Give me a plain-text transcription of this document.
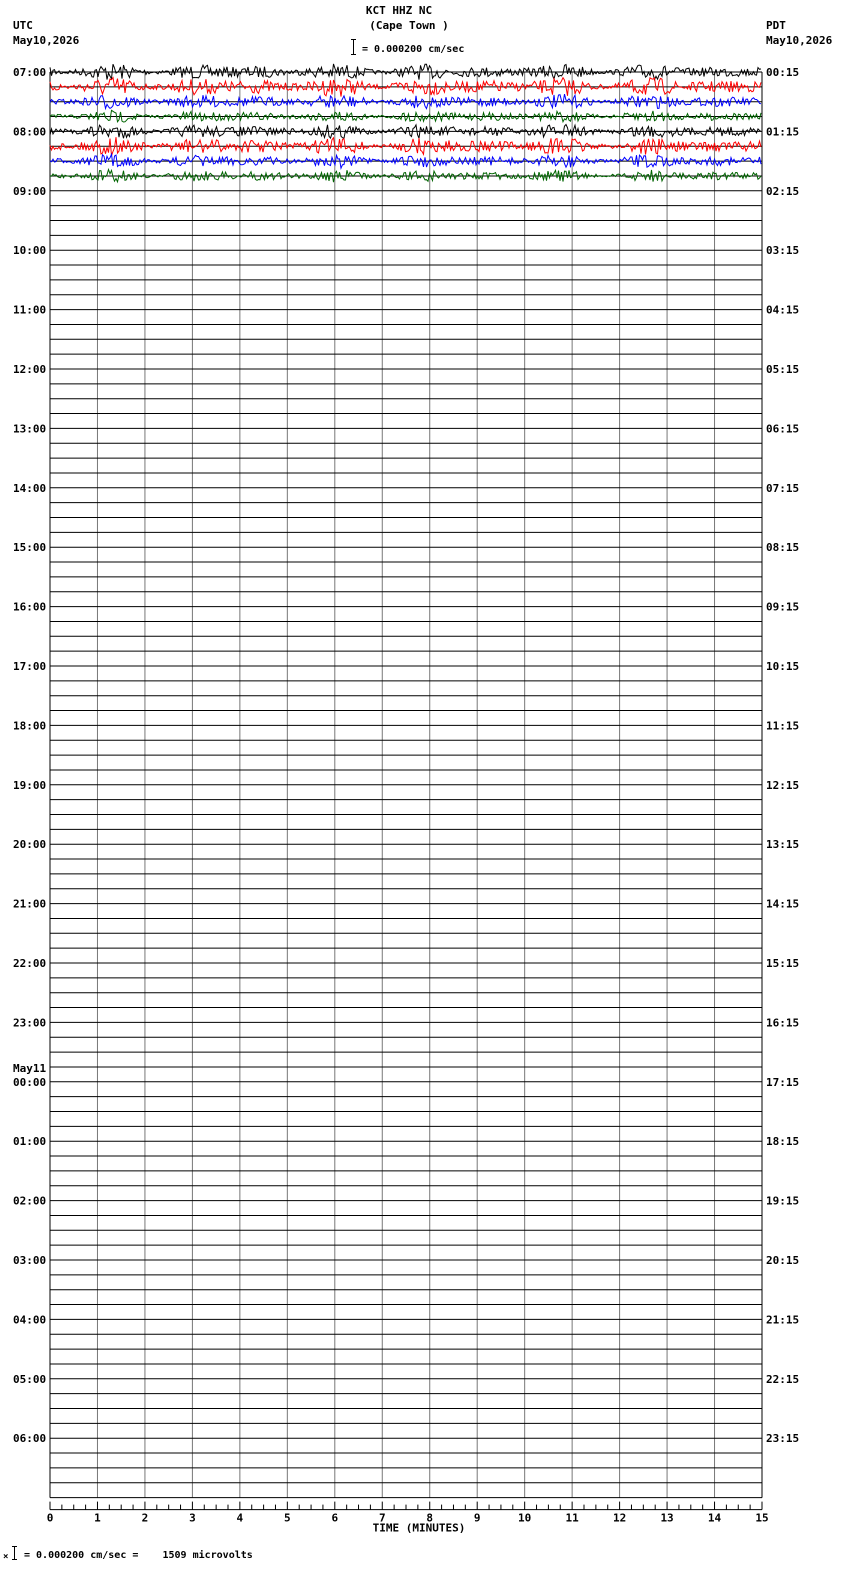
KCT HHZ NC
(Cape Town )
= 0.000200 cm/sec
UTC
May10,2026
PDT
May10,2026
07:00
08:00
09:00
10:00
11:00
12:00
13:00
14:00
15:00
16:00
17:00
18:00
19:00
20:00
21:00
22:00
23:00
00:00
May11
01:00
02:00
03:00
04:00
05:00
06:00
00:15
01:15
02:15
03:15
04:15
05:15
06:15
07:15
08:15
09:15
10:15
11:15
12:15
13:15
14:15
15:15
16:15
17:15
18:15
19:15
20:15
21:15
22:15
23:15
0	1	2	3	4	5	6	7	8	9	10	11	12	13	14	15
TIME (MINUTES)
× = 0.000200 cm/sec =    1509 microvolts
